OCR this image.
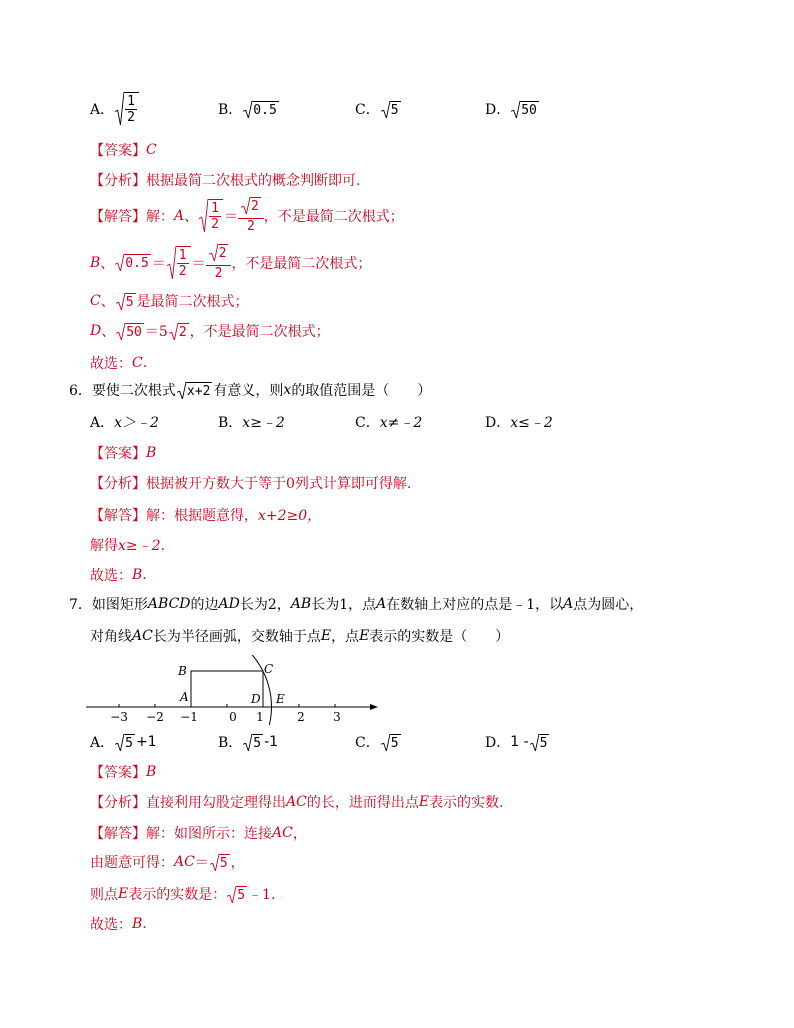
A． $\frac{1}{2}$	B． 0.5	C． 5	D． 50
【答案】 C
【分析】 根据最简二次根式的概念判断即可.
【解答】 解： A 、 $\frac{1}{2} = \frac{2}{2}$ ，不是最简二次根式；
B 、 $0.5 = \frac{1}{2} = \frac{2}{2}$ ，不是最简二次根式；
C 、 5 是最简二次根式；
D 、 50 ＝5 2 ，不是最简二次根式；
故选： C .
6． 要使二次根式 x+2 有意义，则 x 的取值范围是（　　）
A． x＞﹣2	B． x≥﹣2	C． x≠﹣2	D． x≤﹣2
【答案】 B
【分析】 根据被开方数大于等于0列式计算即可得解.
【解答】 解：根据题意得， x+2≥0，
解得 x≥﹣2.
故选： B .
7． 如图矩形 ABCD 的边 AD 长为2， AB 长为1，点 A 在数轴上对应的点是﹣1，以 A 点为圆心，
对角线 AC 长为半径画弧，交数轴于点 E ，点 E 表示的实数是（　　）
B
A
C
D E
−3 −2 −1	0 1	2 3
A． 5 +1	B． 5 -1	C． 5	D． 1 - 5
【答案】 B
【分析】 直接利用勾股定理得出 AC 的长，进而得出点 E 表示的实数.
【解答】 解：如图所示：连接 AC ，
由题意可得： AC ＝ 5 ，
则点 E 表示的实数是： 5 ﹣1.
故选： B .
